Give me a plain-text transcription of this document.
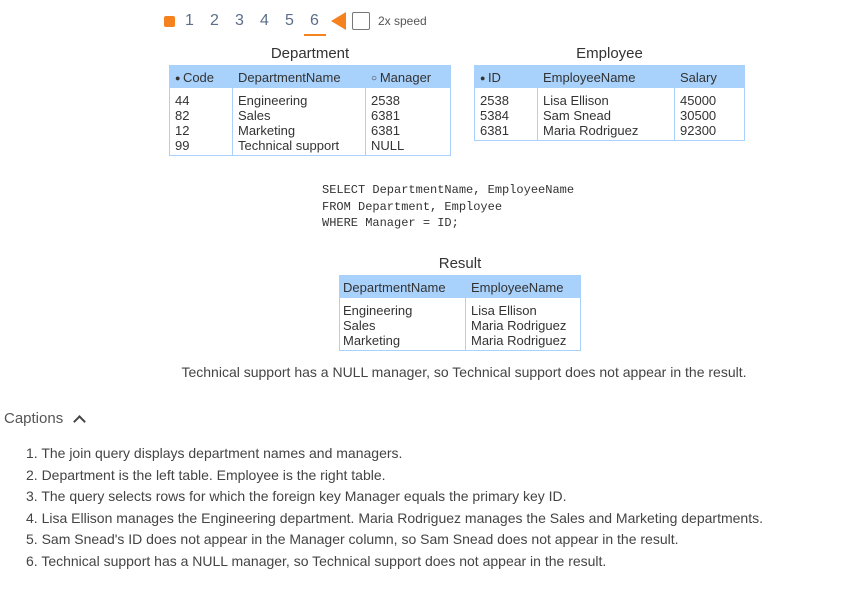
1	2	3	4	5	6	2x speed
Department
● Code	DepartmentName	○ Manager

44	Engineering	2538
82	Sales	6381
12	Marketing	6381
99	Technical support	NULL

Employee
● ID	EmployeeName	Salary

2538	Lisa Ellison	45000
5384	Sam Snead	30500
6381	Maria Rodriguez	92300

SELECT DepartmentName, EmployeeName
FROM Department, Employee
WHERE Manager = ID;
Result
DepartmentName	EmployeeName

Engineering	Lisa Ellison
Sales	Maria Rodriguez
Marketing	Maria Rodriguez

Technical support has a NULL manager, so Technical support does not appear in the result.
Captions
1. The join query displays department names and managers.
2. Department is the left table. Employee is the right table.
3. The query selects rows for which the foreign key Manager equals the primary key ID.
4. Lisa Ellison manages the Engineering department. Maria Rodriguez manages the Sales and Marketing departments.
5. Sam Snead's ID does not appear in the Manager column, so Sam Snead does not appear in the result.
6. Technical support has a NULL manager, so Technical support does not appear in the result.
